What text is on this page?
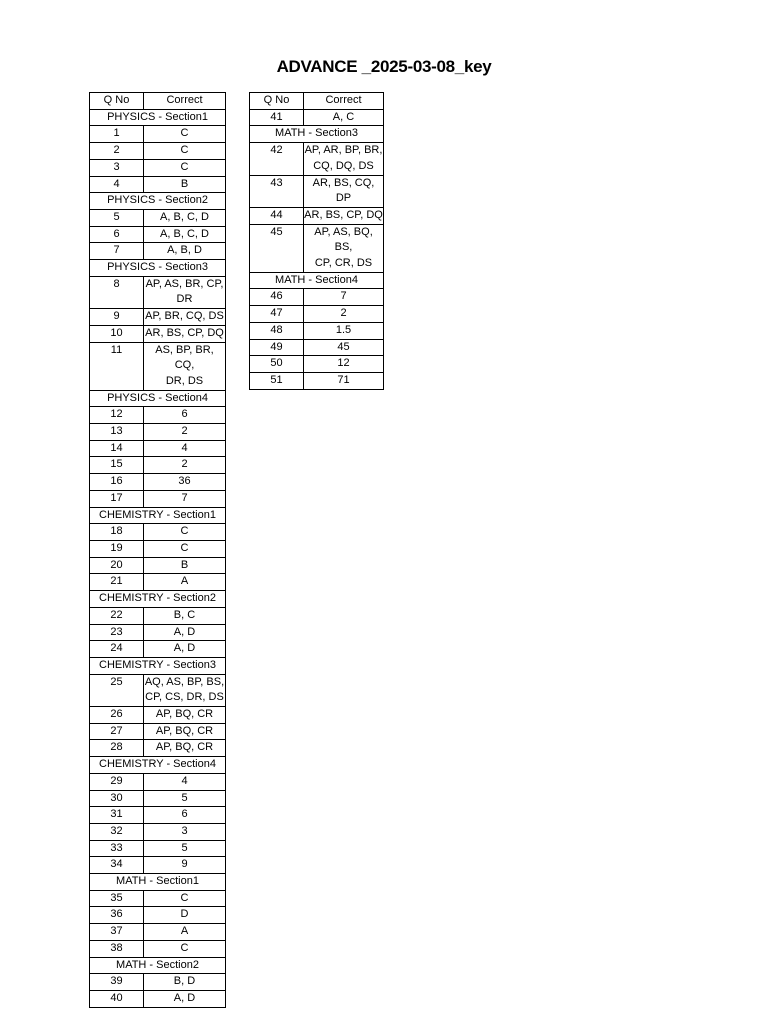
ADVANCE _2025-03-08_key
Q No	Correct
PHYSICS - Section1	
1	C
2	C
3	C
4	B
PHYSICS - Section2	
5	A, B, C, D
6	A, B, C, D
7	A, B, D
PHYSICS - Section3	
8	AP, AS, BR, CP,
DR
9	AP, BR, CQ, DS
10	AR, BS, CP, DQ
11	AS, BP, BR, CQ,
DR, DS
PHYSICS - Section4	
12	6
13	2
14	4
15	2
16	36
17	7
CHEMISTRY - Section1	
18	C
19	C
20	B
21	A
CHEMISTRY - Section2	
22	B, C
23	A, D
24	A, D
CHEMISTRY - Section3	
25	AQ, AS, BP, BS,
CP, CS, DR, DS
26	AP, BQ, CR
27	AP, BQ, CR
28	AP, BQ, CR
CHEMISTRY - Section4	
29	4
30	5
31	6
32	3
33	5
34	9
MATH - Section1	
35	C
36	D
37	A
38	C
MATH - Section2	
39	B, D
40	A, D
Q No	Correct
41	A, C
MATH - Section3	
42	AP, AR, BP, BR,
CQ, DQ, DS
43	AR, BS, CQ, DP
44	AR, BS, CP, DQ
45	AP, AS, BQ, BS,
CP, CR, DS
MATH - Section4	
46	7
47	2
48	1.5
49	45
50	12
51	71
